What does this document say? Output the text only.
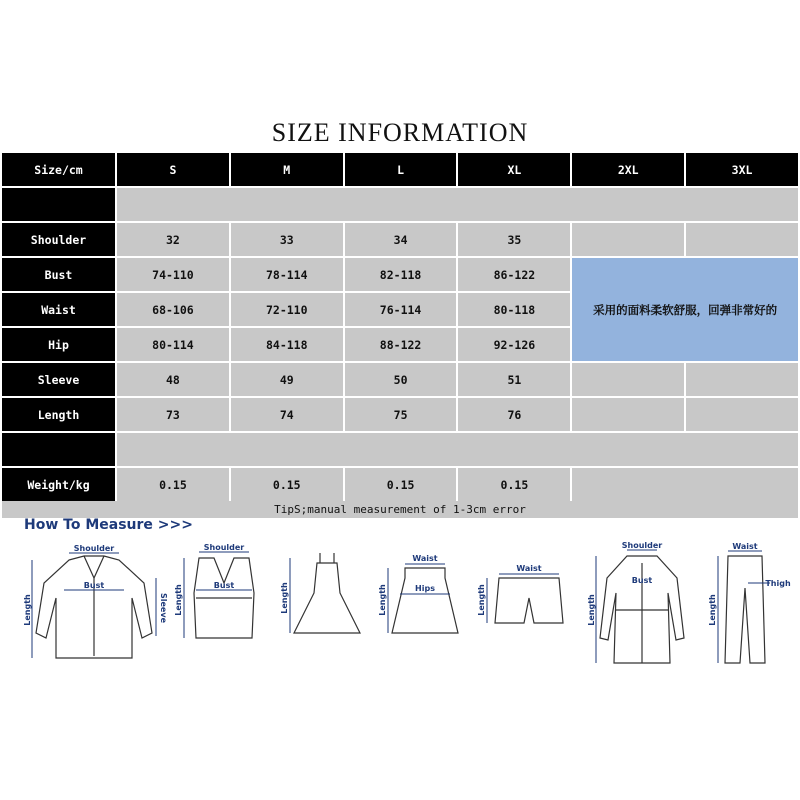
SIZE INFORMATION
Size/cm	S	M	L	XL	2XL	3XL

Shoulder	32	33	34	35		
Bust	74-110	78-114	82-118	86-122	采用的面料柔软舒服，回弹非常好的	
Waist	68-106	72-110	76-114	80-118		
Hip	80-114	84-118	88-122	92-126		
Sleeve	48	49	50	51		
Length	73	74	75	76		

Weight/kg	0.15	0.15	0.15	0.15		
TipS;manual measurement of 1-3cm error
How To Measure >>>
Shoulder
Bust
Length	Sleeve
Shoulder
Bust
Length	Length
Waist
Hips
Length
Waist
Length
Shoulder
Bust
Length
Waist
Thigh
Length
